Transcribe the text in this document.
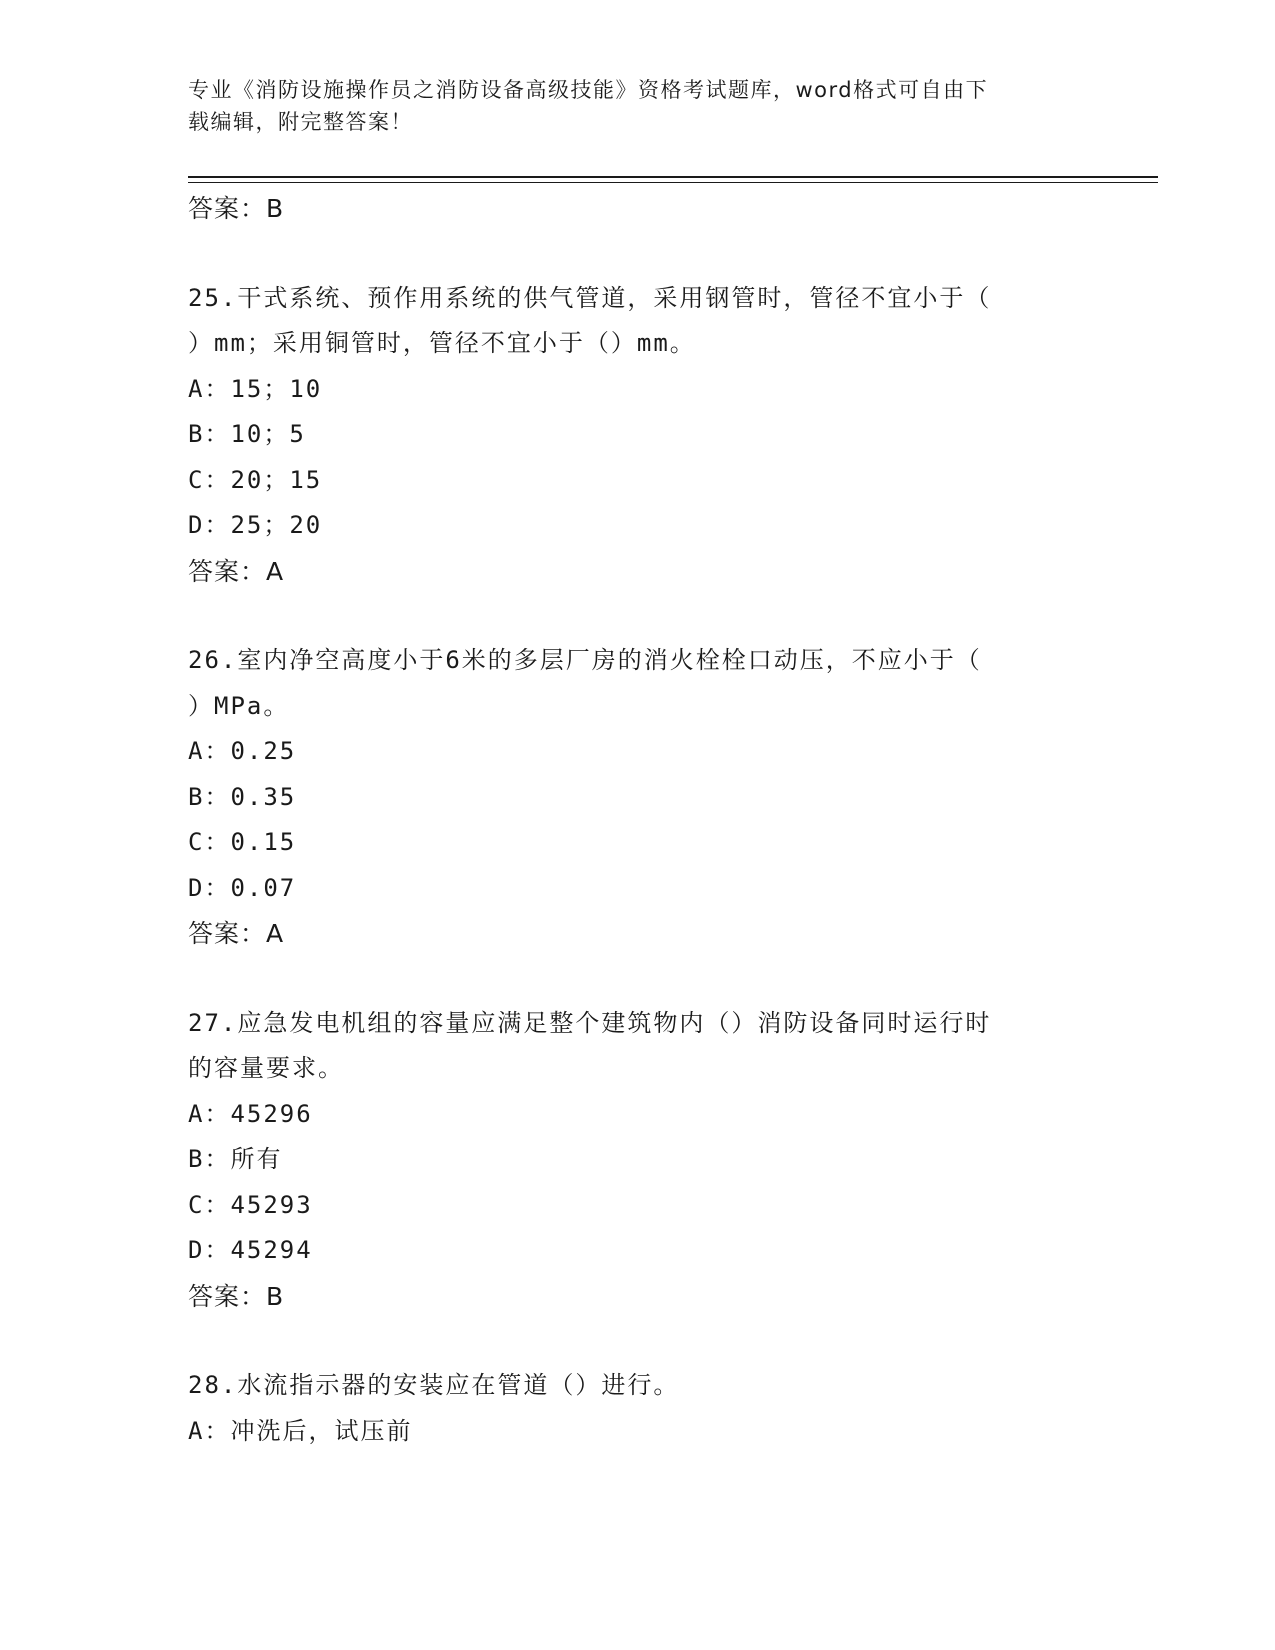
专业《消防设施操作员之消防设备高级技能》资格考试题库，word格式可自由下
载编辑，附完整答案！
答案：B
25.干式系统、预作用系统的供气管道，采用钢管时，管径不宜小于（
）mm；采用铜管时，管径不宜小于（）mm。
A：15；10
B：10；5
C：20；15
D：25；20
答案：A
26.室内净空高度小于6米的多层厂房的消火栓栓口动压，不应小于（
）MPa。
A：0.25
B：0.35
C：0.15
D：0.07
答案：A
27.应急发电机组的容量应满足整个建筑物内（）消防设备同时运行时
的容量要求。
A：45296
B：所有
C：45293
D：45294
答案：B
28.水流指示器的安装应在管道（）进行。
A：冲洗后，试压前
